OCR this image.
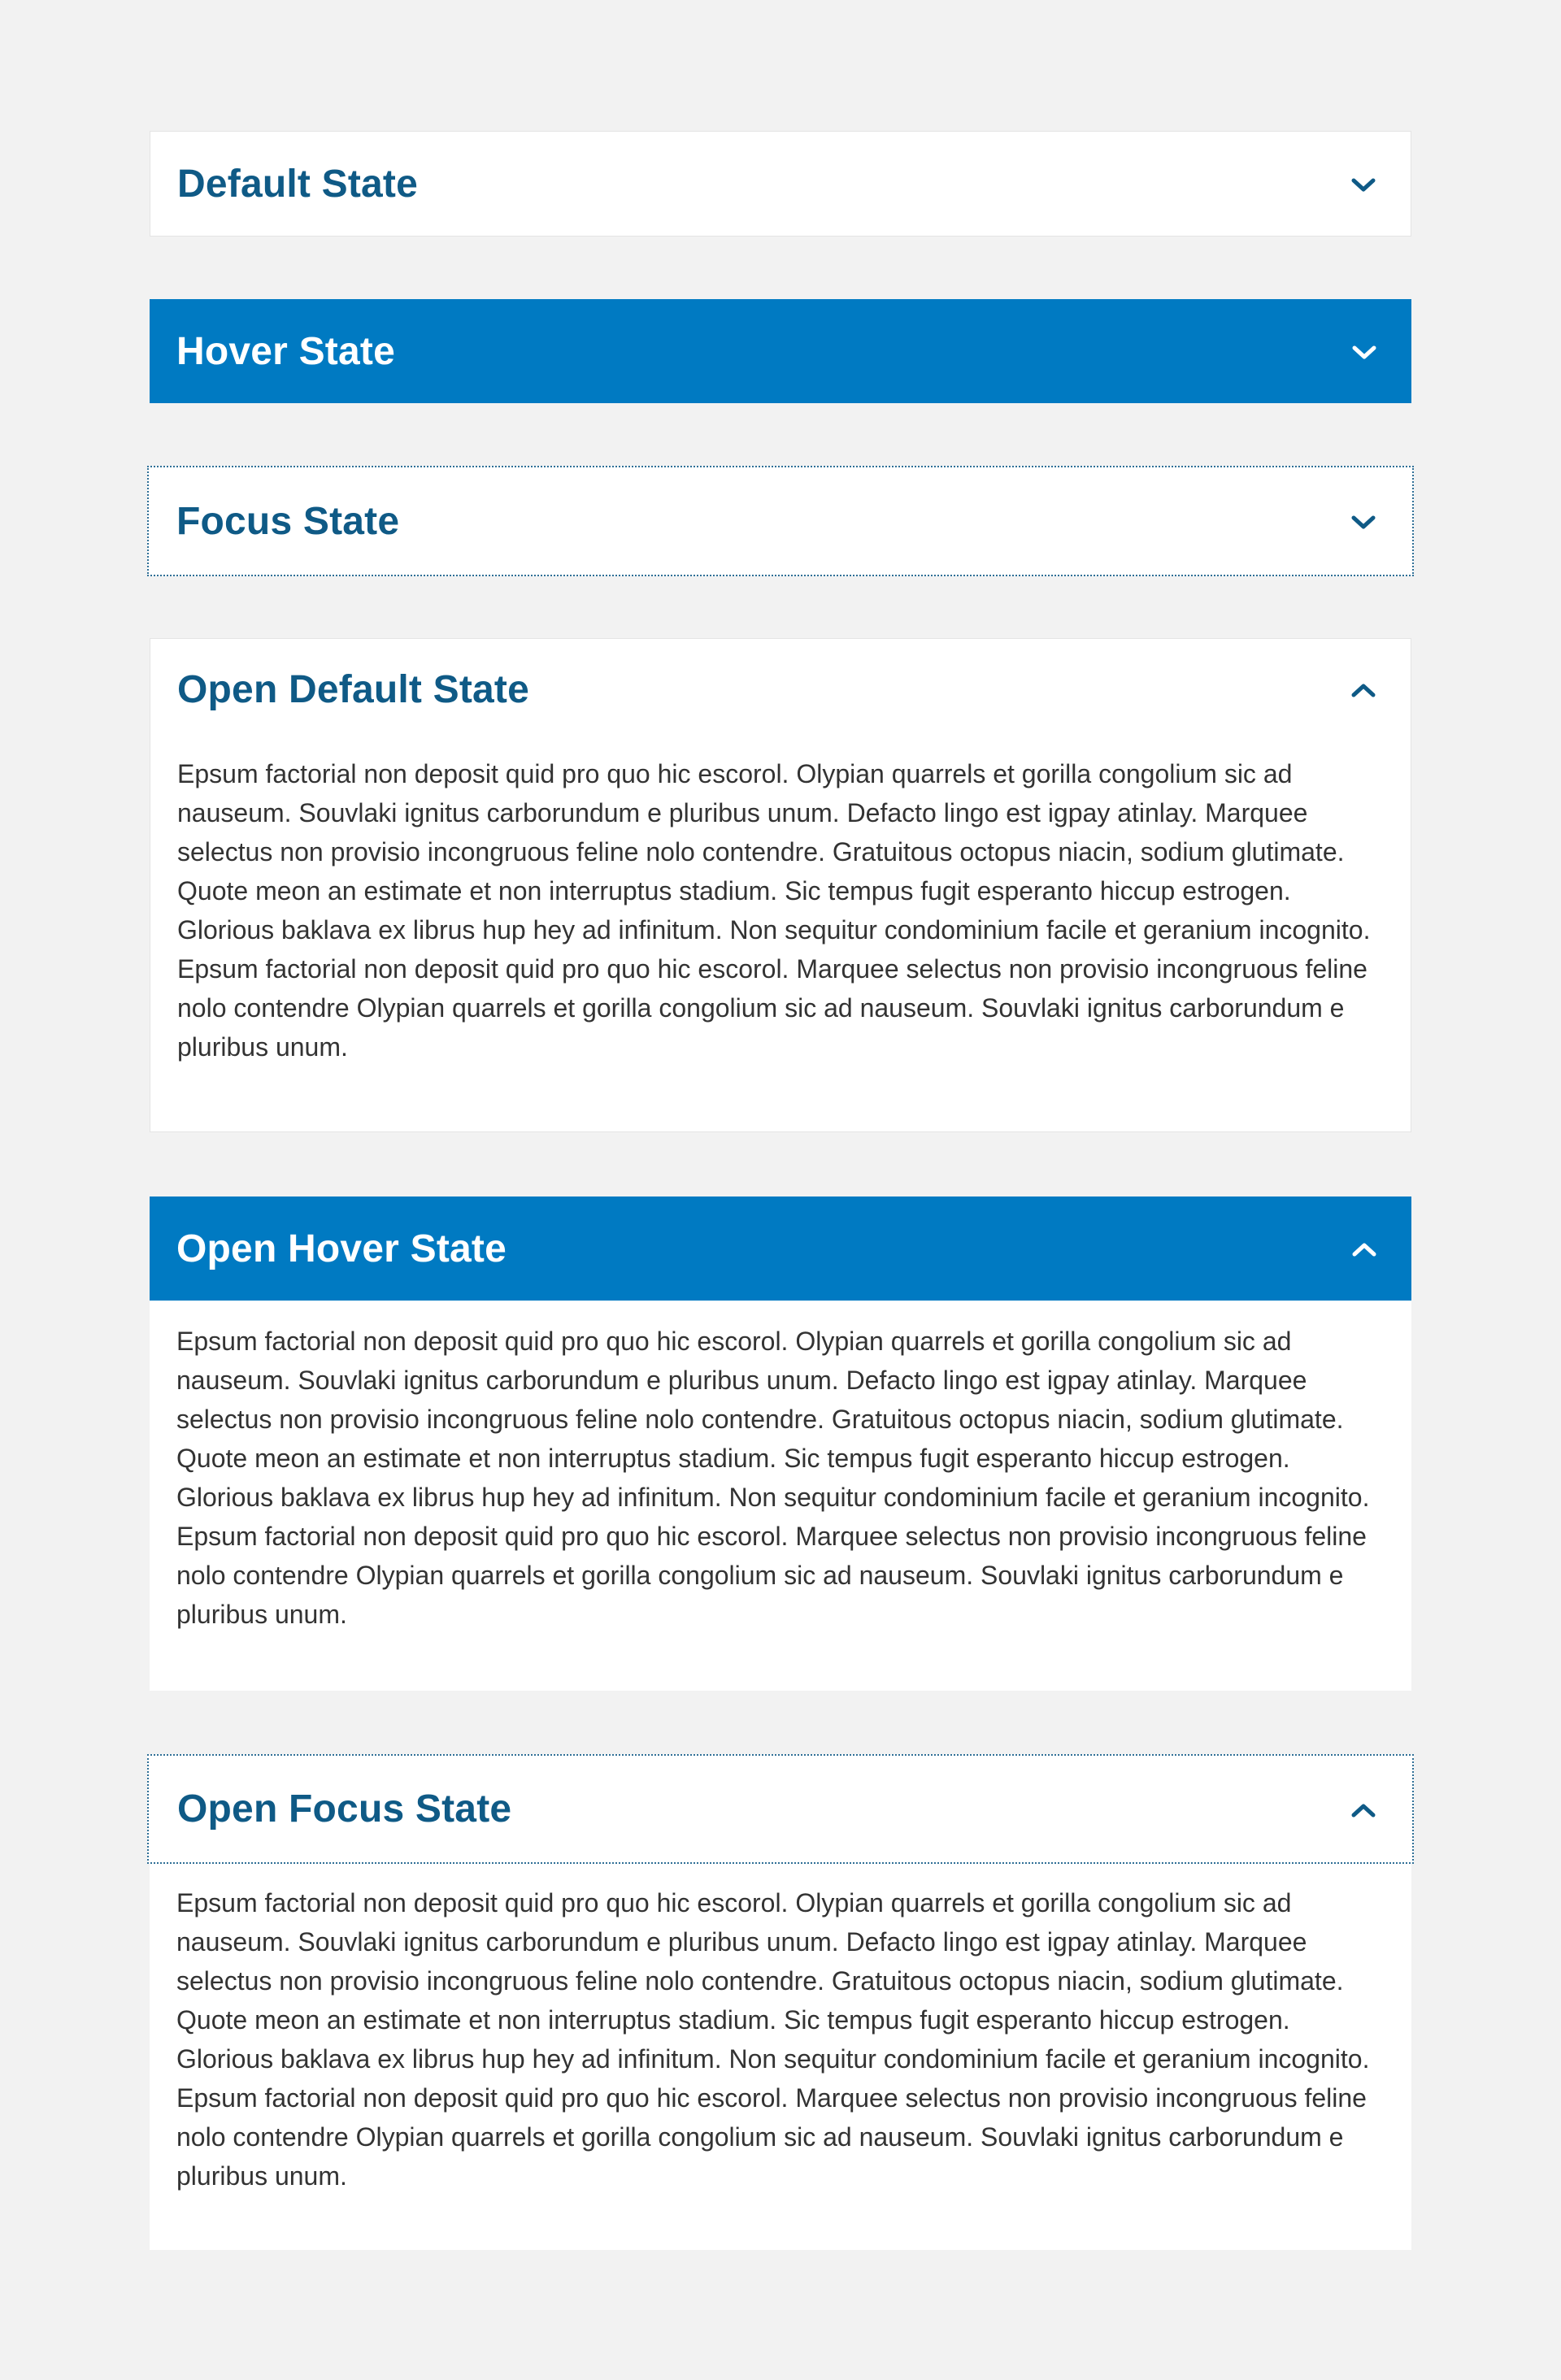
Default State
Hover State
Focus State
Open Default State

Epsum factorial non deposit quid pro quo hic escorol. Olypian quarrels et gorilla congolium sic ad nauseum. Souvlaki ignitus carborundum e pluribus unum. Defacto lingo est igpay atinlay. Marquee selectus non provisio incongruous feline nolo contendre. Gratuitous octopus niacin, sodium glutimate. Quote meon an estimate et non interruptus stadium. Sic tempus fugit esperanto hiccup estrogen. Glorious baklava ex librus hup hey ad infinitum. Non sequitur condominium facile et geranium incognito. Epsum factorial non deposit quid pro quo hic escorol. Marquee selectus non provisio incongruous feline nolo contendre Olypian quarrels et gorilla congolium sic ad nauseum. Souvlaki ignitus carborundum e pluribus unum.

Open Hover State

Epsum factorial non deposit quid pro quo hic escorol. Olypian quarrels et gorilla congolium sic ad nauseum. Souvlaki ignitus carborundum e pluribus unum. Defacto lingo est igpay atinlay. Marquee selectus non provisio incongruous feline nolo contendre. Gratuitous octopus niacin, sodium glutimate. Quote meon an estimate et non interruptus stadium. Sic tempus fugit esperanto hiccup estrogen. Glorious baklava ex librus hup hey ad infinitum. Non sequitur condominium facile et geranium incognito. Epsum factorial non deposit quid pro quo hic escorol. Marquee selectus non provisio incongruous feline nolo contendre Olypian quarrels et gorilla congolium sic ad nauseum. Souvlaki ignitus carborundum e pluribus unum.

Open Focus State

Epsum factorial non deposit quid pro quo hic escorol. Olypian quarrels et gorilla congolium sic ad nauseum. Souvlaki ignitus carborundum e pluribus unum. Defacto lingo est igpay atinlay. Marquee selectus non provisio incongruous feline nolo contendre. Gratuitous octopus niacin, sodium glutimate. Quote meon an estimate et non interruptus stadium. Sic tempus fugit esperanto hiccup estrogen. Glorious baklava ex librus hup hey ad infinitum. Non sequitur condominium facile et geranium incognito. Epsum factorial non deposit quid pro quo hic escorol. Marquee selectus non provisio incongruous feline nolo contendre Olypian quarrels et gorilla congolium sic ad nauseum. Souvlaki ignitus carborundum e pluribus unum.
